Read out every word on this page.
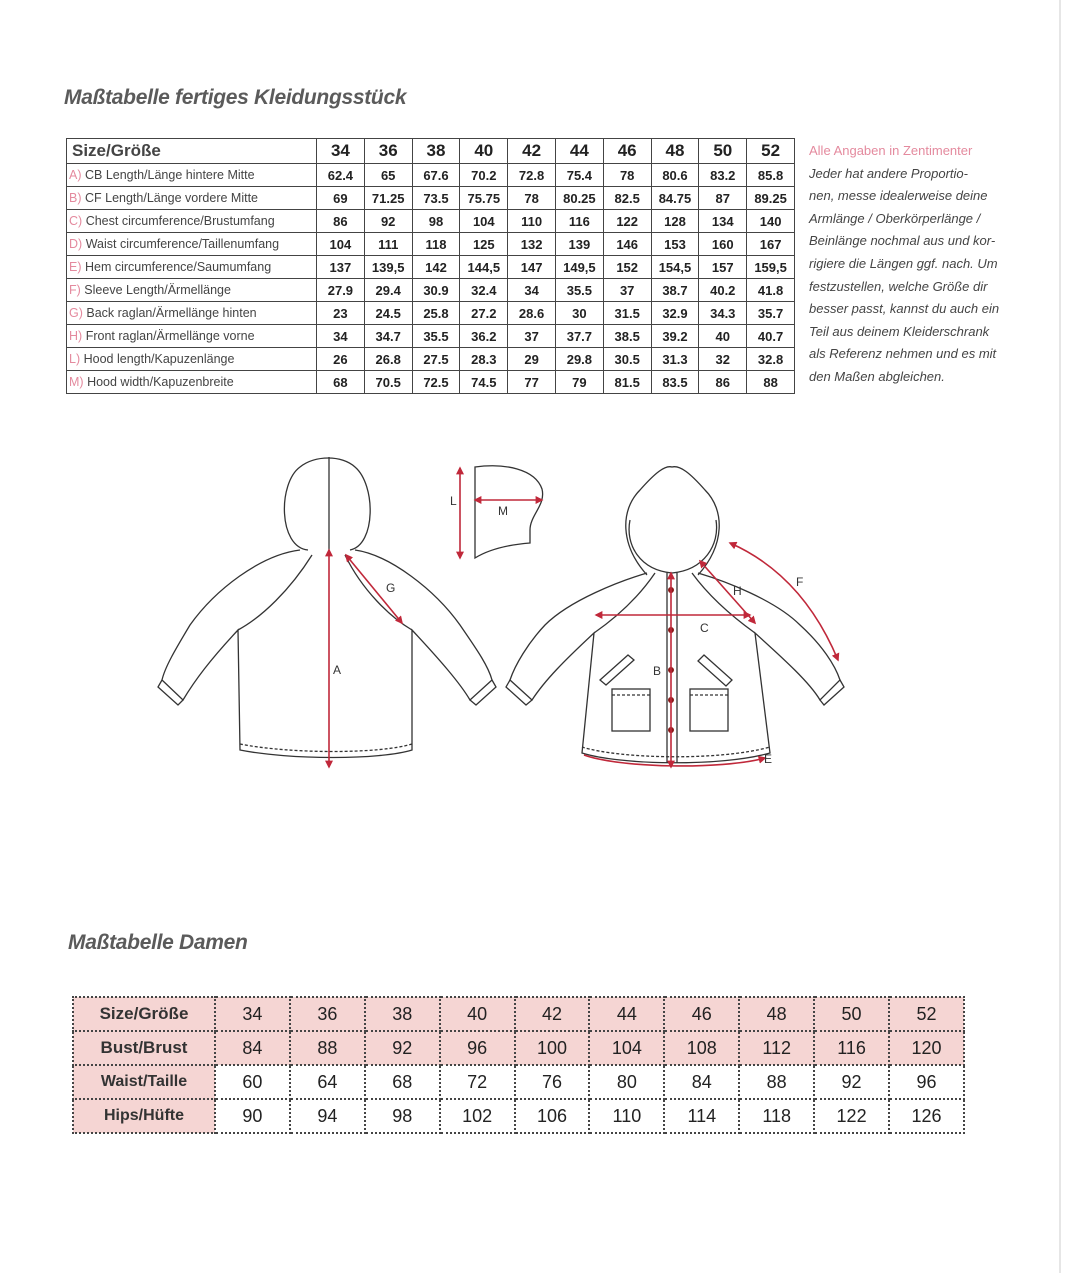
Maßtabelle fertiges Kleidungsstück
Size/Größe	34	36	38	40	42	44	46	48	50	52
A) CB Length/Länge hintere Mitte	62.4	65	67.6	70.2	72.8	75.4	78	80.6	83.2	85.8
B) CF Length/Länge vordere Mitte	69	71.25	73.5	75.75	78	80.25	82.5	84.75	87	89.25
C) Chest circumference/Brustumfang	86	92	98	104	110	116	122	128	134	140
D) Waist circumference/Taillenumfang	104	111	118	125	132	139	146	153	160	167
E) Hem circumference/Saumumfang	137	139,5	142	144,5	147	149,5	152	154,5	157	159,5
F) Sleeve Length/Ärmellänge	27.9	29.4	30.9	32.4	34	35.5	37	38.7	40.2	41.8
G) Back raglan/Ärmellänge hinten	23	24.5	25.8	27.2	28.6	30	31.5	32.9	34.3	35.7
H) Front raglan/Ärmellänge vorne	34	34.7	35.5	36.2	37	37.7	38.5	39.2	40	40.7
L) Hood length/Kapuzenlänge	26	26.8	27.5	28.3	29	29.8	30.5	31.3	32	32.8
M) Hood width/Kapuzenbreite	68	70.5	72.5	74.5	77	79	81.5	83.5	86	88
Alle Angaben in Zentimenter
Jeder hat andere Proportio-
nen, messe idealerweise deine
Armlänge / Oberkörperlänge /
Beinlänge nochmal aus und kor-
rigiere die Längen ggf. nach. Um
festzustellen, welche Größe dir
besser passt, kannst du auch ein
Teil aus deinem Kleiderschrank
als Referenz nehmen und es mit
den Maßen abgleichen.
A
G
L
M
B
C
H
F
E
Maßtabelle Damen
Size/Größe	34	36	38	40	42	44	46	48	50	52
Bust/Brust	84	88	92	96	100	104	108	112	116	120
Waist/Taille	60	64	68	72	76	80	84	88	92	96
Hips/Hüfte	90	94	98	102	106	110	114	118	122	126
